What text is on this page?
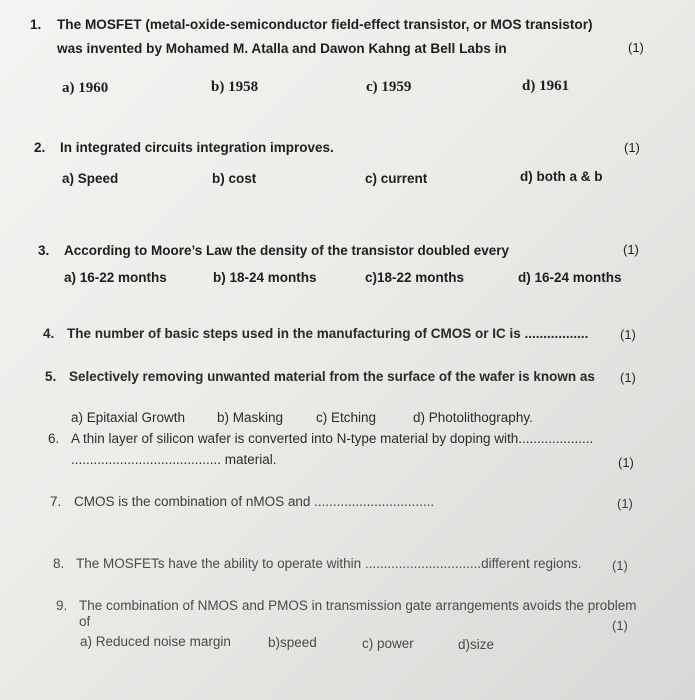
1. The MOSFET (metal-oxide-semiconductor field-effect transistor, or MOS transistor)
was invented by Mohamed M. Atalla and Dawon Kahng at Bell Labs in	(1)
a) 1960	b) 1958	c) 1959	d) 1961
2. In integrated circuits integration improves.	(1)
a) Speed	b) cost	c) current	d) both a & b
3. According to Moore’s Law the density of the transistor doubled every	(1)
a) 16-22 months	b) 18-24 months	c)18-22 months	d) 16-24 months
4. The number of basic steps used in the manufacturing of CMOS or IC is ................. (1)
5. Selectively removing unwanted material from the surface of the wafer is known as (1)
a) Epitaxial Growth b) Masking c) Etching	d) Photolithography.
6. A thin layer of silicon wafer is converted into N-type material by doping with....................
........................................ material.	(1)
7. CMOS is the combination of nMOS and ................................	(1)
8. The MOSFETs have the ability to operate within ...............................different regions. (1)
9. The combination of NMOS and PMOS in transmission gate arrangements avoids the problem
of	(1)
a) Reduced noise margin	b)speed	c) power	d)size
